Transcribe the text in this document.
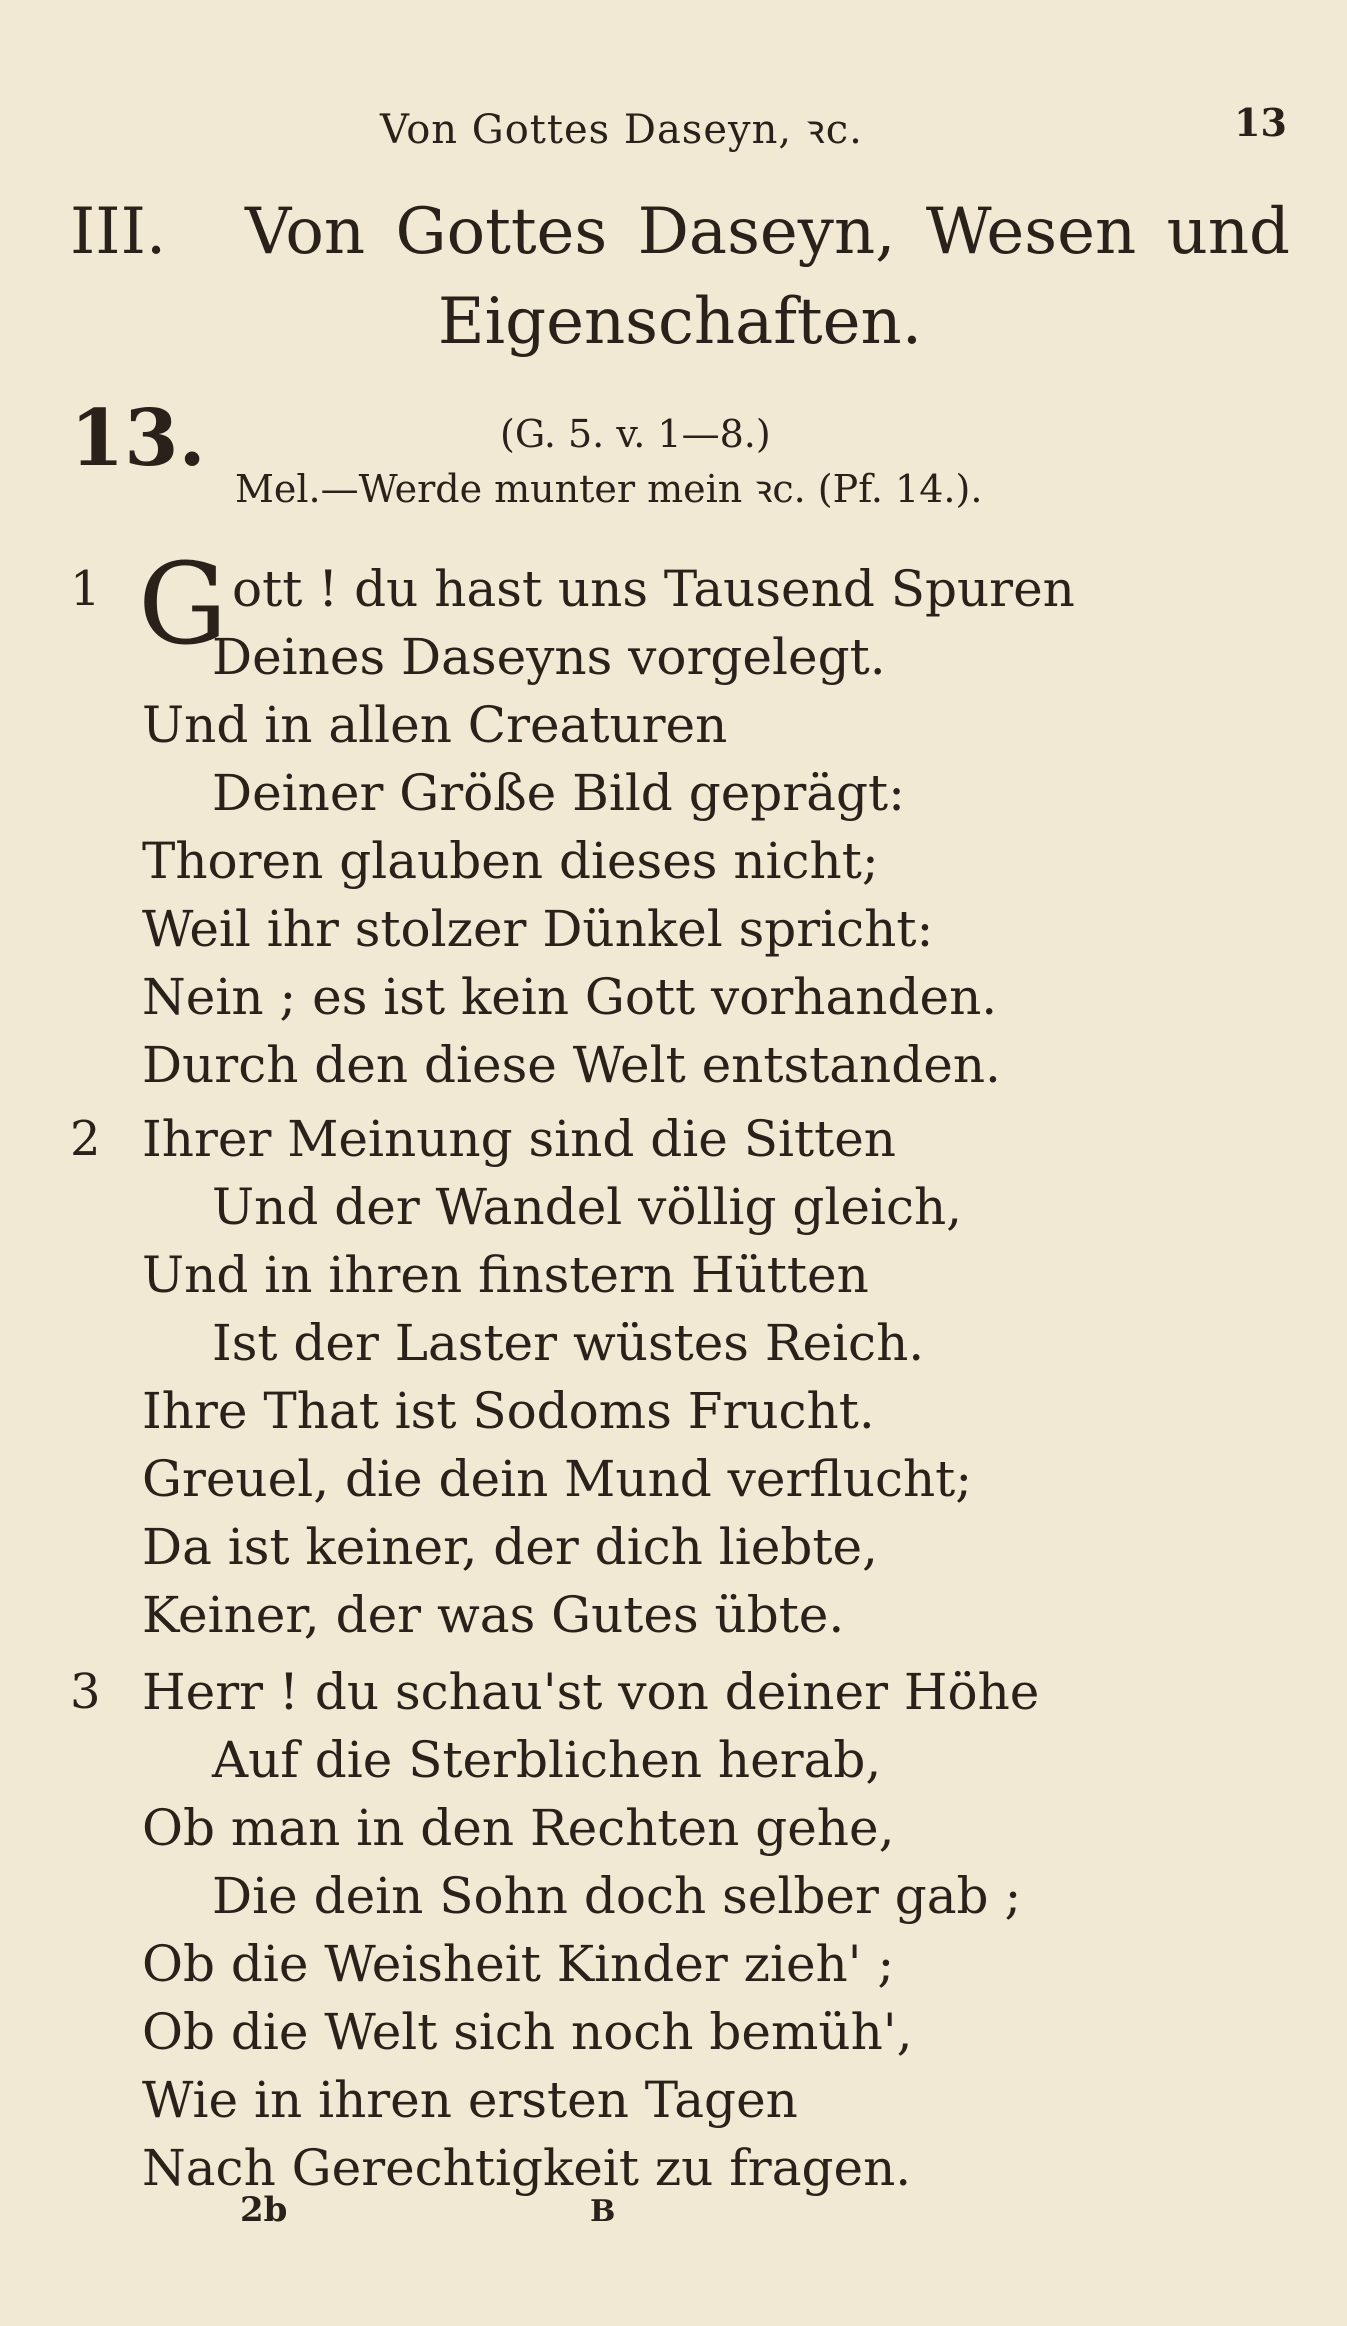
Von Gottes Daseyn, ꝛc.	13
III. Von Gottes Daseyn, Wesen und
Eigenschaften.
13.	(G. 5. v. 1—8.)
Mel.—Werde munter mein ꝛc. (Pf. 14.).
1 G ott ! du hast uns Tausend Spuren
Deines Daseyns vorgelegt.
Und in allen Creaturen
Deiner Größe Bild geprägt:
Thoren glauben dieses nicht;
Weil ihr stolzer Dünkel spricht:
Nein ; es ist kein Gott vorhanden.
Durch den diese Welt entstanden.
2 Ihrer Meinung sind die Sitten
Und der Wandel völlig gleich,
Und in ihren finstern Hütten
Ist der Laster wüstes Reich.
Ihre That ist Sodoms Frucht.
Greuel, die dein Mund verflucht;
Da ist keiner, der dich liebte,
Keiner, der was Gutes übte.
3 Herr ! du schau'st von deiner Höhe
Auf die Sterblichen herab,
Ob man in den Rechten gehe,
Die dein Sohn doch selber gab ;
Ob die Weisheit Kinder zieh' ;
Ob die Welt sich noch bemüh',
Wie in ihren ersten Tagen
Nach Gerechtigkeit zu fragen.
2b	B
